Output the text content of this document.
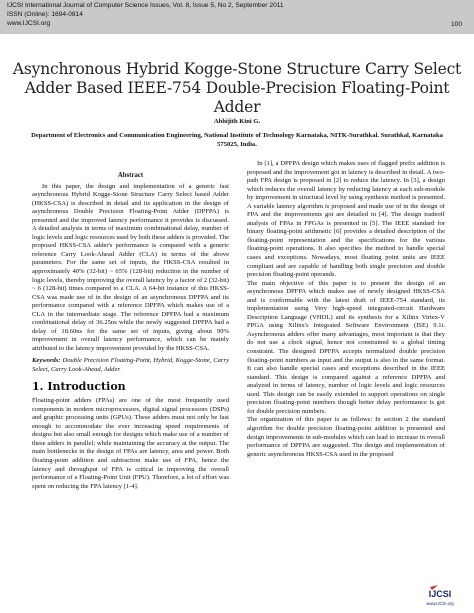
IJCSI International Journal of Computer Science Issues, Vol. 8, Issue 5, No 2, September 2011
ISSN (Online): 1694-0814
www.IJCSI.org	100
Asynchronous Hybrid Kogge-Stone Structure Carry Select
Adder Based IEEE-754 Double-Precision Floating-Point Adder
Abhijith Kini G.
Department of Electronics and Communication Engineering, National Institute of Technology Karnataka, NITK-Surathkal. Surathkal, Karnataka 575025, India.
Abstract

In this paper, the design and implementation of a generic fast asynchronous Hybrid Kogge-Stone Structure Carry Select based Adder (HKSS-CSA) is described in detail and its application in the design of asynchronous Double Precision Floating-Point Adder (DPFPA) is presented and the improved latency performance it provides is discussed. A detailed analysis in terms of maximum combinational delay, number of logic levels and logic resources used by both these adders is provided. The proposed HKSS-CSA adder's performance is compared with a generic reference Carry Look-Ahead Adder (CLA) in terms of the above parameters. For the same set of inputs, the HKSS-CSA resulted in approximately 40% (32-bit) ~ 65% (128-bit) reduction in the number of logic levels, thereby improving the overall latency by a factor of 2 (32-bit) ~ 6 (128-bit) times compared to a CLA. A 64-bit instance of this HKSS-CSA was made use of in the design of an asynchronous DPFPA and its performance compared with a reference DPFPA which makes use of a CLA in the intermediate stage. The reference DPFPA had a maximum combinational delay of 36.25ns while the newly suggested DPFPA had a delay of 18.60ns for the same set of inputs, giving about 90% improvement in overall latency performance, which can be mainly attributed to the latency improvement provided by the HKSS-CSA.

Keywords: Double Precision Floating-Point, Hybrid, Kogge-Stone, Carry Select, Carry Look-Ahead, Adder.

1. Introduction

Floating-point adders (FPAs) are one of the most frequently used components in modern microprocessors, digital signal processors (DSPs) and graphic processing units (GPUs). These adders must not only be fast enough to accommodate the ever increasing speed requirements of designs but also small enough for designs which make use of a number of these adders in parallel; while maintaining the accuracy at the output. The main bottlenecks in the design of FPAs are latency, area and power. Both floating-point addition and subtraction make use of FPA, hence the latency and throughput of FPA is critical in improving the overall performance of a Floating-Point Unit (FPU). Therefore, a lot of effort was spent on reducing the FPA latency [1-4].

In [1], a DPFPA design which makes uses of flagged prefix addition is proposed and the improvement got in latency is described in detail. A two-path FPA design is proposed in [2] to reduce the latency. In [3], a design which reduces the overall latency by reducing latency at each sub-module by improvement in structural level by using synthesis method is presented. A variable latency algorithm is proposed and made use of in the design of FPA and the improvements got are detailed in [4]. The design tradeoff analysis of FPAs in FPGAs is presented in [5]. The IEEE standard for binary floating-point arithmetic [6] provides a detailed description of the floating-point representation and the specifications for the various floating-point operations. It also specifies the method to handle special cases and exceptions. Nowadays, most floating point units are IEEE compliant and are capable of handling both single precision and double precision floating-point operands.

The main objective of this paper is to present the design of an asynchronous DPFPA which makes use of newly designed HKSS-CSA and is conformable with the latest draft of IEEE-754 standard, its implementation using Very high-speed integrated-circuit Hardware Description Language (VHDL) and its synthesis for a Xilinx Virtex-V FPGA using Xilinx's Integrated Software Environment (ISE) 9.1i. Asynchronous adders offer many advantages, most important is that they do not use a clock signal, hence not constrained to a global timing constraint. The designed DPFPA accepts normalized double precision floating-point numbers as input and the output is also in the same format. It can also handle special cases and exceptions described in the IEEE standard. This design is compared against a reference DPFPA and analyzed in terms of latency, number of logic levels and logic resources used. This design can be easily extended to support operations on single precision floating-point numbers though better delay performance is got for double precision numbers.

The organization of this paper is as follows: In section 2 the standard algorithm for double precision floating-point addition is presented and design improvements in sub-modules which can lead to increase in overall performance of DPFPA are suggested. The design and implementation of generic asynchronous HKSS-CSA used in the proposed

IJCSI
www.IJCSI.org
